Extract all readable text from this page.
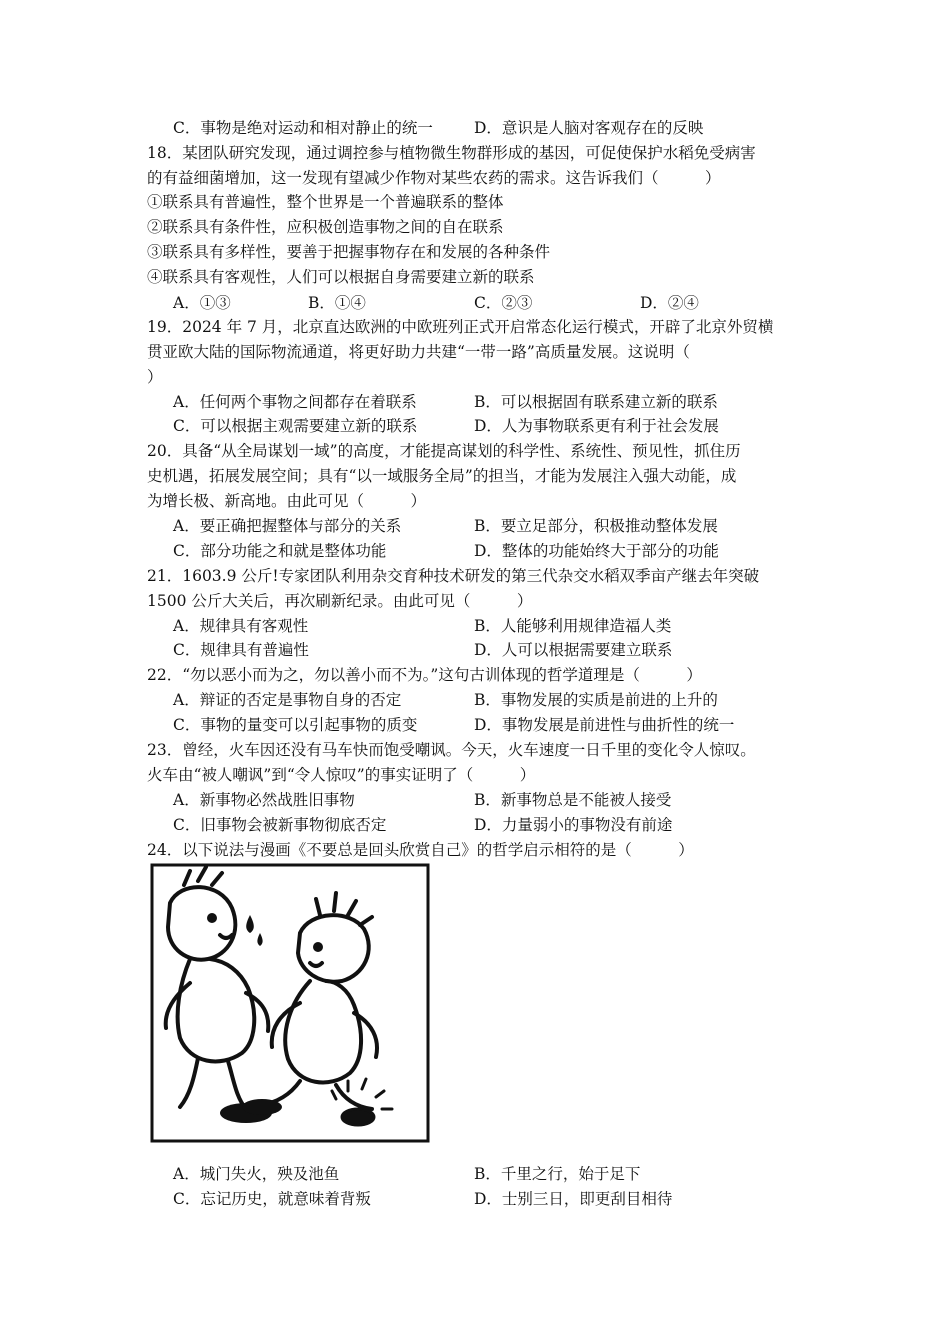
C．事物是绝对运动和相对静止的统一	D．意识是人脑对客观存在的反映
18．某团队研究发现，通过调控参与植物微生物群形成的基因，可促使保护水稻免受病害
的有益细菌增加，这一发现有望减少作物对某些农药的需求。这告诉我们（　　　）
①联系具有普遍性，整个世界是一个普遍联系的整体
②联系具有条件性，应积极创造事物之间的自在联系
③联系具有多样性，要善于把握事物存在和发展的各种条件
④联系具有客观性，人们可以根据自身需要建立新的联系
A．①③	B．①④	C．②③	D．②④
19．2024 年 7 月，北京直达欧洲的中欧班列正式开启常态化运行模式，开辟了北京外贸横
贯亚欧大陆的国际物流通道，将更好助力共建“一带一路”高质量发展。这说明（
）
A．任何两个事物之间都存在着联系	B．可以根据固有联系建立新的联系
C．可以根据主观需要建立新的联系	D．人为事物联系更有利于社会发展
20．具备“从全局谋划一域”的高度，才能提高谋划的科学性、系统性、预见性，抓住历
史机遇，拓展发展空间；具有“以一域服务全局”的担当，才能为发展注入强大动能，成
为增长极、新高地。由此可见（　　　）
A．要正确把握整体与部分的关系	B．要立足部分，积极推动整体发展
C．部分功能之和就是整体功能	D．整体的功能始终大于部分的功能
21．1603.9 公斤!专家团队利用杂交育种技术研发的第三代杂交水稻双季亩产继去年突破
1500 公斤大关后，再次刷新纪录。由此可见（　　　）
A．规律具有客观性	B．人能够利用规律造福人类
C．规律具有普遍性	D．人可以根据需要建立联系
22．“勿以恶小而为之，勿以善小而不为。”这句古训体现的哲学道理是（　　　）
A．辩证的否定是事物自身的否定	B．事物发展的实质是前进的上升的
C．事物的量变可以引起事物的质变	D．事物发展是前进性与曲折性的统一
23．曾经，火车因还没有马车快而饱受嘲讽。今天，火车速度一日千里的变化令人惊叹。
火车由“被人嘲讽”到“令人惊叹”的事实证明了（　　　）
A．新事物必然战胜旧事物	B．新事物总是不能被人接受
C．旧事物会被新事物彻底否定	D．力量弱小的事物没有前途
24．以下说法与漫画《不要总是回头欣赏自己》的哲学启示相符的是（　　　）
A．城门失火，殃及池鱼	B．千里之行，始于足下
C．忘记历史，就意味着背叛	D．士别三日，即更刮目相待
